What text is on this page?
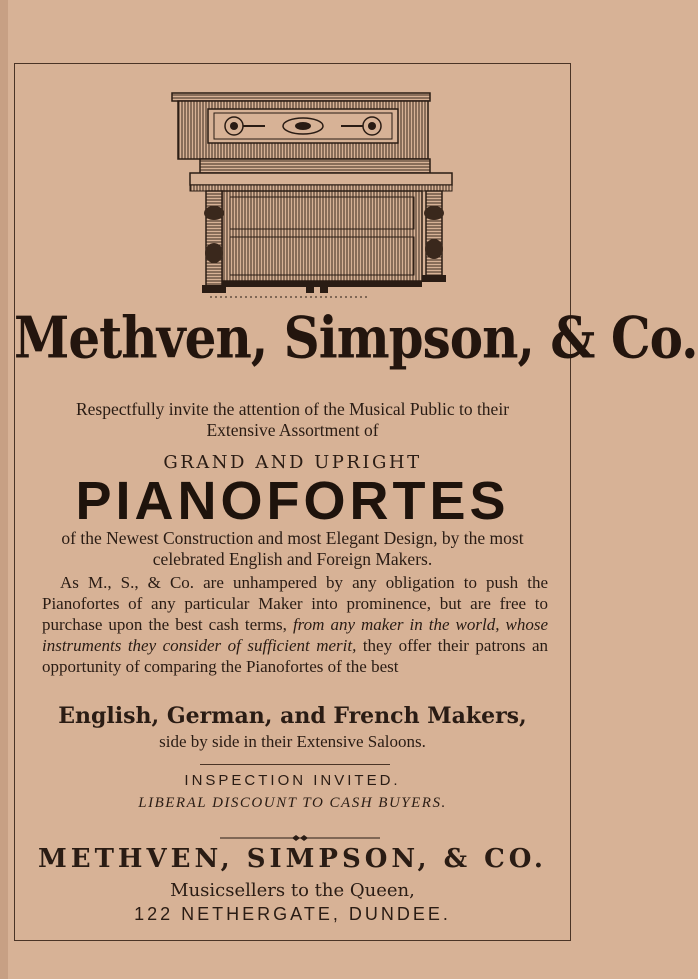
Methven, Simpson, & Co.
Respectfully invite the attention of the Musical Public to their
Extensive Assortment of
GRAND AND UPRIGHT
PIANOFORTES
of the Newest Construction and most Elegant Design, by the most
celebrated English and Foreign Makers.

As M., S., & Co. are unhampered by any obligation to push the Pianofortes of any particular Maker into prominence, but are free to purchase upon the best cash terms, from any maker in the world, whose instruments they consider of sufficient merit, they offer their patrons an opportunity of comparing the Pianofortes of the best

English, German, and French Makers,
side by side in their Extensive Saloons.
INSPECTION INVITED.
LIBERAL DISCOUNT TO CASH BUYERS.
METHVEN, SIMPSON, & CO.
Musicsellers to the Queen,
122 NETHERGATE, DUNDEE.
